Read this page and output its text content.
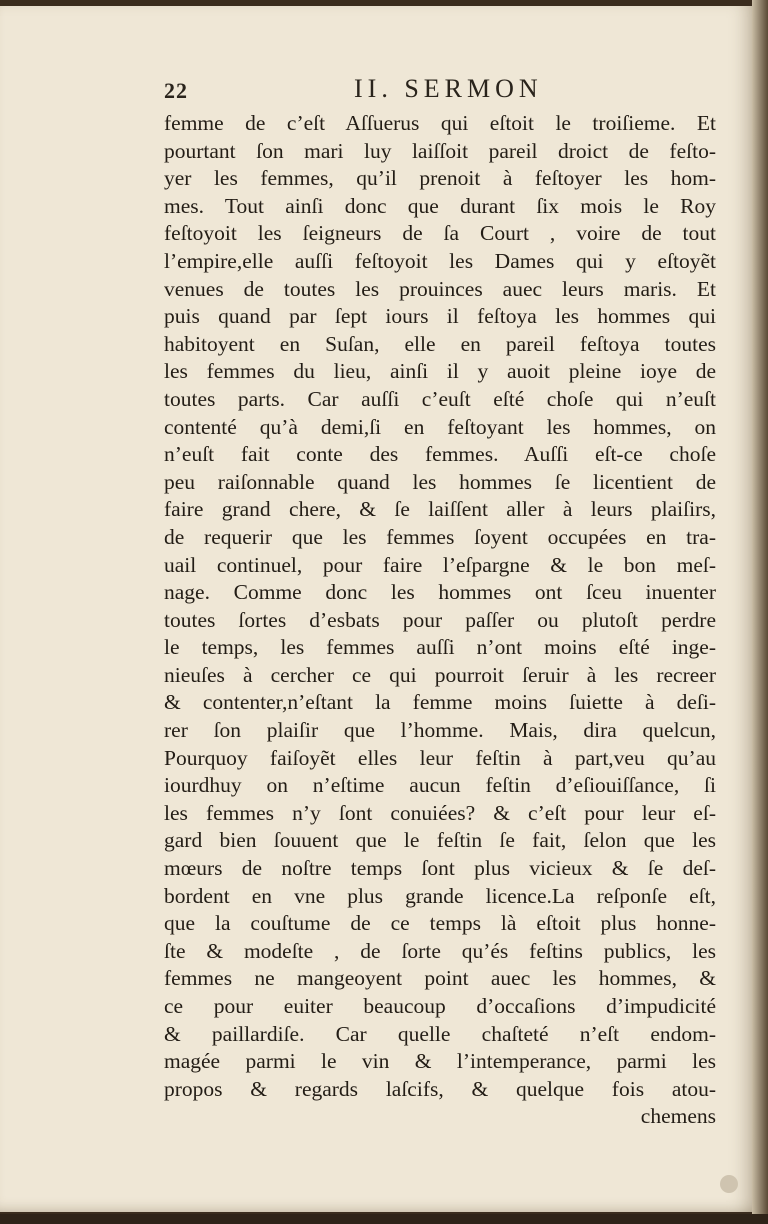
22	II. SERMON
femme de c’eſt Aſſuerus qui eſtoit le troiſieme. Et
pourtant ſon mari luy laiſſoit pareil droict de feſto-
yer les femmes, qu’il prenoit à feſtoyer les hom-
mes. Tout ainſi donc que durant ſix mois le Roy
feſtoyoit les ſeigneurs de ſa Court , voire de tout
l’empire,elle auſſi feſtoyoit les Dames qui y eſtoyẽt
venues de toutes les prouinces auec leurs maris. Et
puis quand par ſept iours il feſtoya les hommes qui
habitoyent en Suſan, elle en pareil feſtoya toutes
les femmes du lieu, ainſi il y auoit pleine ioye de
toutes parts. Car auſſi c’euſt eſté choſe qui n’euſt
contenté qu’à demi,ſi en feſtoyant les hommes, on
n’euſt fait conte des femmes. Auſſi eſt-ce choſe
peu raiſonnable quand les hommes ſe licentient de
faire grand chere, & ſe laiſſent aller à leurs plaiſirs,
de requerir que les femmes ſoyent occupées en tra-
uail continuel, pour faire l’eſpargne & le bon meſ-
nage. Comme donc les hommes ont ſceu inuenter
toutes ſortes d’esbats pour paſſer ou plutoſt perdre
le temps, les femmes auſſi n’ont moins eſté inge-
nieuſes à cercher ce qui pourroit ſeruir à les recreer
& contenter,n’eſtant la femme moins ſuiette à deſi-
rer ſon plaiſir que l’homme. Mais, dira quelcun,
Pourquoy faiſoyẽt elles leur feſtin à part,veu qu’au
iourdhuy on n’eſtime aucun feſtin d’eſiouiſſance, ſi
les femmes n’y ſont conuiées? & c’eſt pour leur eſ-
gard bien ſouuent que le feſtin ſe fait, ſelon que les
mœurs de noſtre temps ſont plus vicieux & ſe deſ-
bordent en vne plus grande licence.La reſponſe eſt,
que la couſtume de ce temps là eſtoit plus honne-
ſte & modeſte , de ſorte qu’és feſtins publics, les
femmes ne mangeoyent point auec les hommes, &
ce pour euiter beaucoup d’occaſions d’impudicité
& paillardiſe. Car quelle chaſteté n’eſt endom-
magée parmi le vin & l’intemperance, parmi les
propos & regards laſcifs, & quelque fois atou-
chemens
